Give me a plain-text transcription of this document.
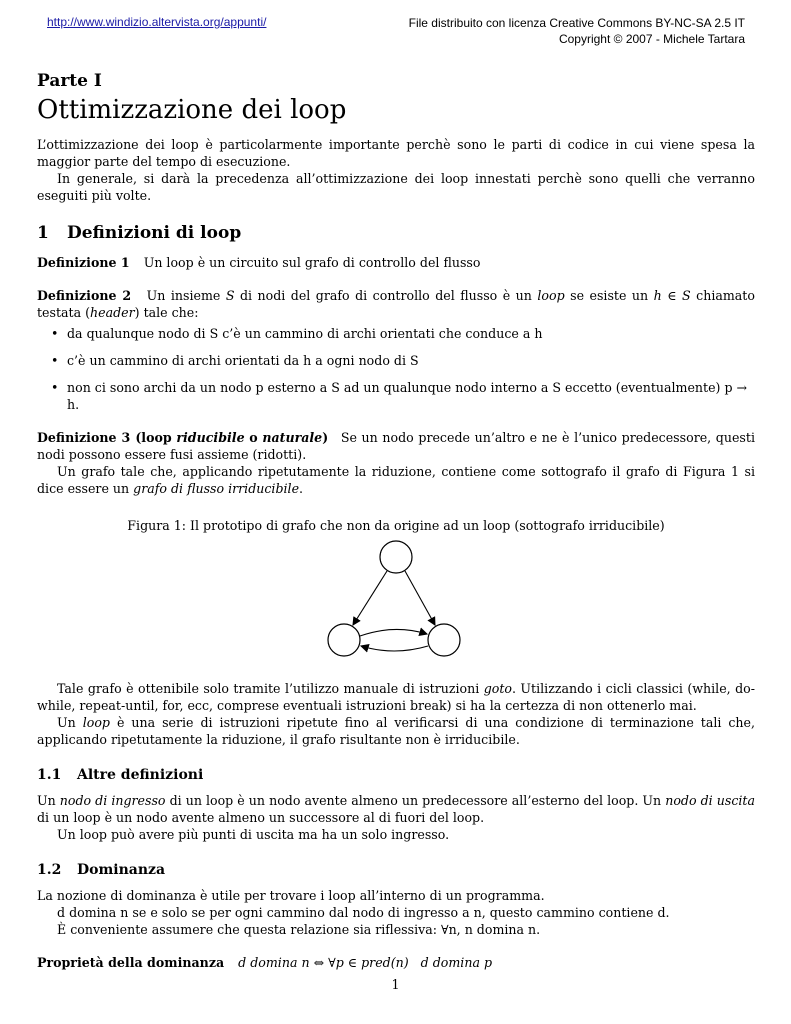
http://www.windizio.altervista.org/appunti/	File distribuito con licenza Creative Commons BY-NC-SA 2.5 IT
Copyright © 2007 - Michele Tartara
Parte I
Ottimizzazione dei loop

L’ottimizzazione dei loop è particolarmente importante perchè sono le parti di codice in cui viene spesa la maggior parte del tempo di esecuzione.

In generale, si darà la precedenza all’ottimizzazione dei loop innestati perchè sono quelli che verranno eseguiti più volte.

1 Definizioni di loop

Definizione 1 Un loop è un circuito sul grafo di controllo del flusso

Definizione 2 Un insieme S di nodi del grafo di controllo del flusso è un loop se esiste un h ∈ S chiamato testata (header) tale che:

• da qualunque nodo di S c’è un cammino di archi orientati che conduce a h
• c’è un cammino di archi orientati da h a ogni nodo di S
• non ci sono archi da un nodo p esterno a S ad un qualunque nodo interno a S eccetto (eventualmente) p → h.

Definizione 3 (loop riducibile o naturale) Se un nodo precede un’altro e ne è l’unico predecessore, questi nodi possono essere fusi assieme (ridotti).

Un grafo tale che, applicando ripetutamente la riduzione, contiene come sottografo il grafo di Figura 1 si dice essere un grafo di flusso irriducibile.

Figura 1: Il prototipo di grafo che non da origine ad un loop (sottografo irriducibile)

Tale grafo è ottenibile solo tramite l’utilizzo manuale di istruzioni goto. Utilizzando i cicli classici (while, do-while, repeat-until, for, ecc, comprese eventuali istruzioni break) si ha la certezza di non ottenerlo mai.

Un loop è una serie di istruzioni ripetute fino al verificarsi di una condizione di terminazione tali che, applicando ripetutamente la riduzione, il grafo risultante non è irriducibile.

1.1 Altre definizioni

Un nodo di ingresso di un loop è un nodo avente almeno un predecessore all’esterno del loop. Un nodo di uscita di un loop è un nodo avente almeno un successore al di fuori del loop.

Un loop può avere più punti di uscita ma ha un solo ingresso.

1.2 Dominanza

La nozione di dominanza è utile per trovare i loop all’interno di un programma.

d domina n se e solo se per ogni cammino dal nodo di ingresso a n, questo cammino contiene d.

È conveniente assumere che questa relazione sia riflessiva: ∀n, n domina n.

Proprietà della dominanza d domina n ⇔ ∀p ∈ pred(n)   d domina p

1
